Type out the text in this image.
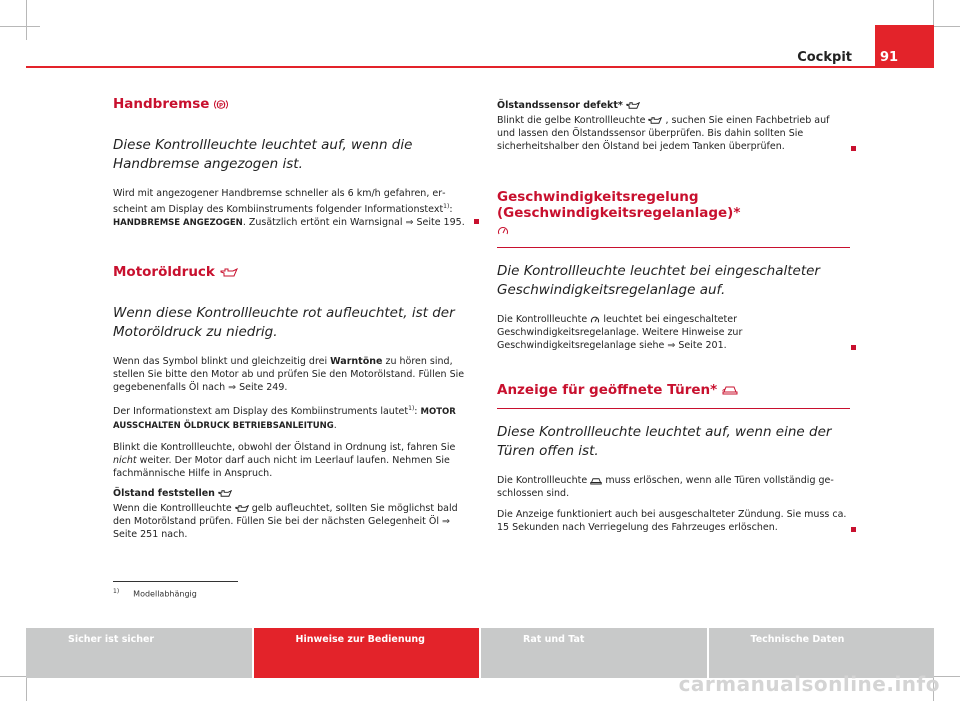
Cockpit 91
Handbremse (P)
Diese Kontrollleuchte leuchtet auf, wenn die Handbremse angezogen ist.

Wird mit angezogener Handbremse schneller als 6 km/h gefahren, erscheint am Display des Kombiinstruments folgender Informationstext$^{1)}$: HANDBREMSE ANGEZOGEN. Zusätzlich ertönt ein Warnsignal ⇒ Seite 195.

Motoröldruck
Wenn diese Kontrollleuchte rot aufleuchtet, ist der Motoröldruck zu niedrig.

Wenn das Symbol blinkt und gleichzeitig drei Warntöne zu hören sind, stellen Sie bitte den Motor ab und prüfen Sie den Motorölstand. Füllen Sie gegebenenfalls Öl nach ⇒ Seite 249.

Der Informationstext am Display des Kombiinstruments lautet$^{1)}$: MOTOR AUSSCHALTEN ÖLDRUCK BETRIEBSANLEITUNG.

Blinkt die Kontrollleuchte, obwohl der Ölstand in Ordnung ist, fahren Sie nicht weiter. Der Motor darf auch nicht im Leerlauf laufen. Nehmen Sie fachmännische Hilfe in Anspruch.

Ölstand feststellen

Wenn die Kontrollleuchte gelb aufleuchtet, sollten Sie möglichst bald den Motorölstand prüfen. Füllen Sie bei der nächsten Gelegenheit Öl ⇒ Seite 251 nach.

Ölstandssensor defekt*

Blinkt die gelbe Kontrollleuchte , suchen Sie einen Fachbetrieb auf und lassen den Ölstandssensor überprüfen. Bis dahin sollten Sie sicherheitshalber den Ölstand bei jedem Tanken überprüfen.

Geschwindigkeitsregelung (Geschwindigkeitsregelanlage)*

Die Kontrollleuchte leuchtet bei eingeschalteter Geschwindigkeitsregelanlage auf.

Die Kontrollleuchte leuchtet bei eingeschalteter Geschwindigkeitsregelanlage. Weitere Hinweise zur Geschwindigkeitsregelanlage siehe ⇒ Seite 201.

Anzeige für geöffnete Türen*
Diese Kontrollleuchte leuchtet auf, wenn eine der Türen offen ist.

Die Kontrollleuchte muss erlöschen, wenn alle Türen vollständig geschlossen sind.

Die Anzeige funktioniert auch bei ausgeschalteter Zündung. Sie muss ca. 15 Sekunden nach Verriegelung des Fahrzeuges erlöschen.

$^{1)}$ Modellabhängig
Sicher ist sicher	Hinweise zur Bedienung	Rat und Tat	Technische Daten
carmanualsonline.info
